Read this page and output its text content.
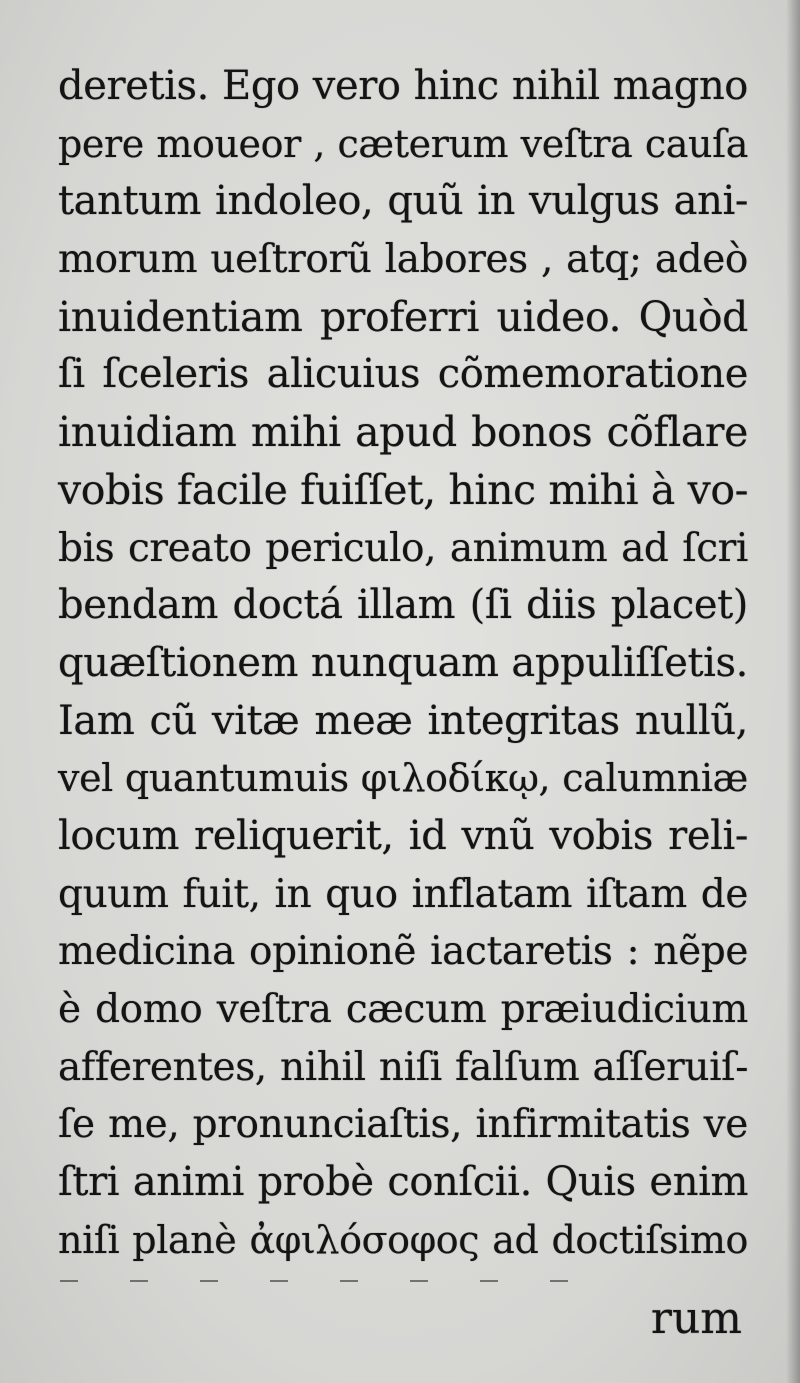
deretis. Ego vero hinc nihil magno
pere moueor , cæterum veſtra cauſa
tantum indoleo, quũ in vulgus ani-
morum ueſtrorũ labores , atq; adeò
inuidentiam proferri uideo. Quòd
ſi ſceleris alicuius cõmemoratione
inuidiam mihi apud bonos cõflare
vobis facile fuiſſet, hinc mihi à vo-
bis creato periculo, animum ad ſcri
bendam doctá illam (ſi diis placet)
quæſtionem nunquam appuliſſetis.
Iam cũ vitæ meæ integritas nullũ,
vel quantumuis φιλοδίκῳ, calumniæ
locum reliquerit, id vnũ vobis reli-
quum fuit, in quo inflatam iſtam de
medicina opinionẽ iactaretis : nẽpe
è domo veſtra cæcum præiudicium
afferentes, nihil niſi falſum aſſeruiſ-
ſe me, pronunciaſtis, infirmitatis ve
ſtri animi probè conſcii. Quis enim
niſi planè ἀφιλόσοφος ad doctiſsimo
rum
